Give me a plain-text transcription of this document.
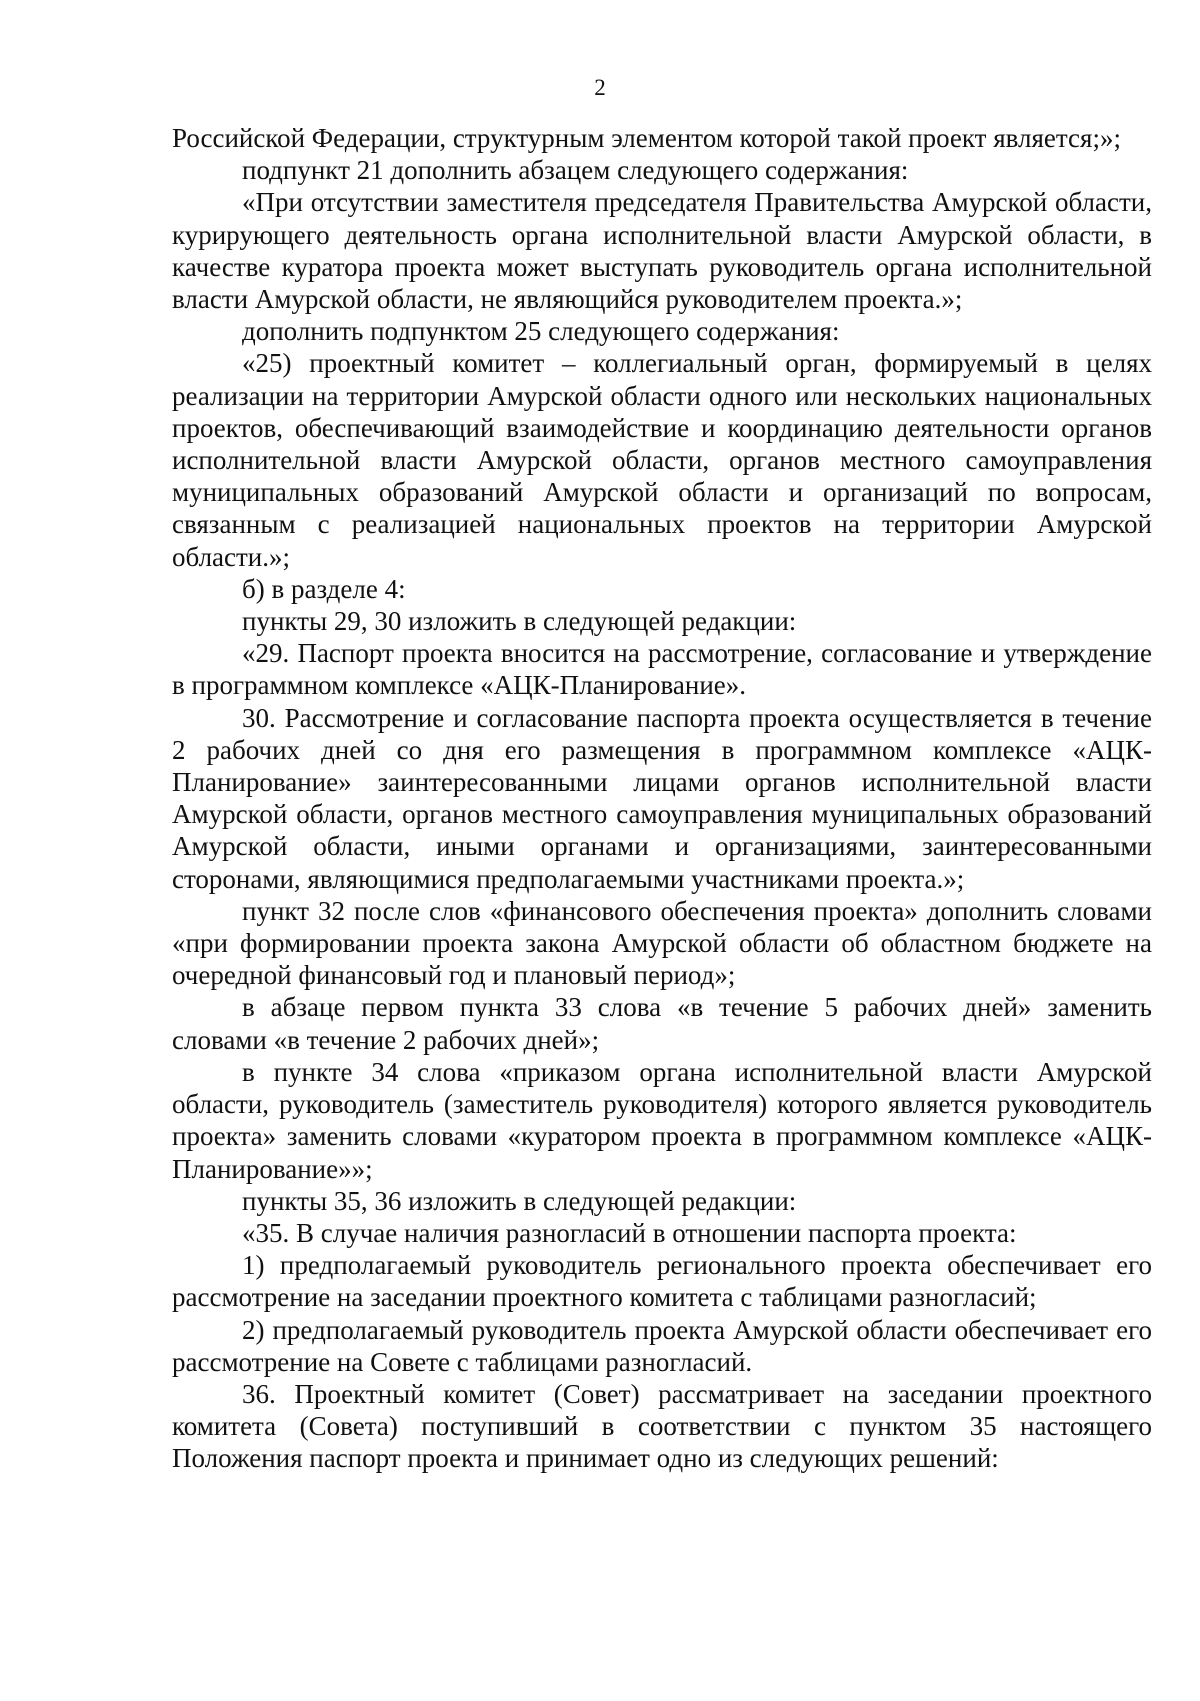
2

Российской Федерации, структурным элементом которой такой проект является;»;

подпункт 21 дополнить абзацем следующего содержания:

«При отсутствии заместителя председателя Правительства Амурской области, курирующего деятельность органа исполнительной власти Амурской области, в качестве куратора проекта может выступать руководитель органа исполнительной власти Амурской области, не являющийся руководителем проекта.»;

дополнить подпунктом 25 следующего содержания:

«25) проектный комитет – коллегиальный орган, формируемый в целях реализации на территории Амурской области одного или нескольких национальных проектов, обеспечивающий взаимодействие и координацию деятельности органов исполнительной власти Амурской области, органов местного самоуправления муниципальных образований Амурской области и организаций по вопросам, связанным с реализацией национальных проектов на территории Амурской области.»;

б) в разделе 4:

пункты 29, 30 изложить в следующей редакции:

«29. Паспорт проекта вносится на рассмотрение, согласование и утверждение в программном комплексе «АЦК-Планирование».

30. Рассмотрение и согласование паспорта проекта осуществляется в течение 2 рабочих дней со дня его размещения в программном комплексе «АЦК-Планирование» заинтересованными лицами органов исполнительной власти Амурской области, органов местного самоуправления муниципальных образований Амурской области, иными органами и организациями, заинтересованными сторонами, являющимися предполагаемыми участниками проекта.»;

пункт 32 после слов «финансового обеспечения проекта» дополнить словами «при формировании проекта закона Амурской области об областном бюджете на очередной финансовый год и плановый период»;

в абзаце первом пункта 33 слова «в течение 5 рабочих дней» заменить словами «в течение 2 рабочих дней»;

в пункте 34 слова «приказом органа исполнительной власти Амурской области, руководитель (заместитель руководителя) которого является руководитель проекта» заменить словами «куратором проекта в программном комплексе «АЦК-Планирование»»;

пункты 35, 36 изложить в следующей редакции:

«35. В случае наличия разногласий в отношении паспорта проекта:

1) предполагаемый руководитель регионального проекта обеспечивает его рассмотрение на заседании проектного комитета с таблицами разногласий;

2) предполагаемый руководитель проекта Амурской области обеспечивает его рассмотрение на Совете с таблицами разногласий.

36. Проектный комитет (Совет) рассматривает на заседании проектного комитета (Совета) поступивший в соответствии с пунктом 35 настоящего Положения паспорт проекта и принимает одно из следующих решений:
